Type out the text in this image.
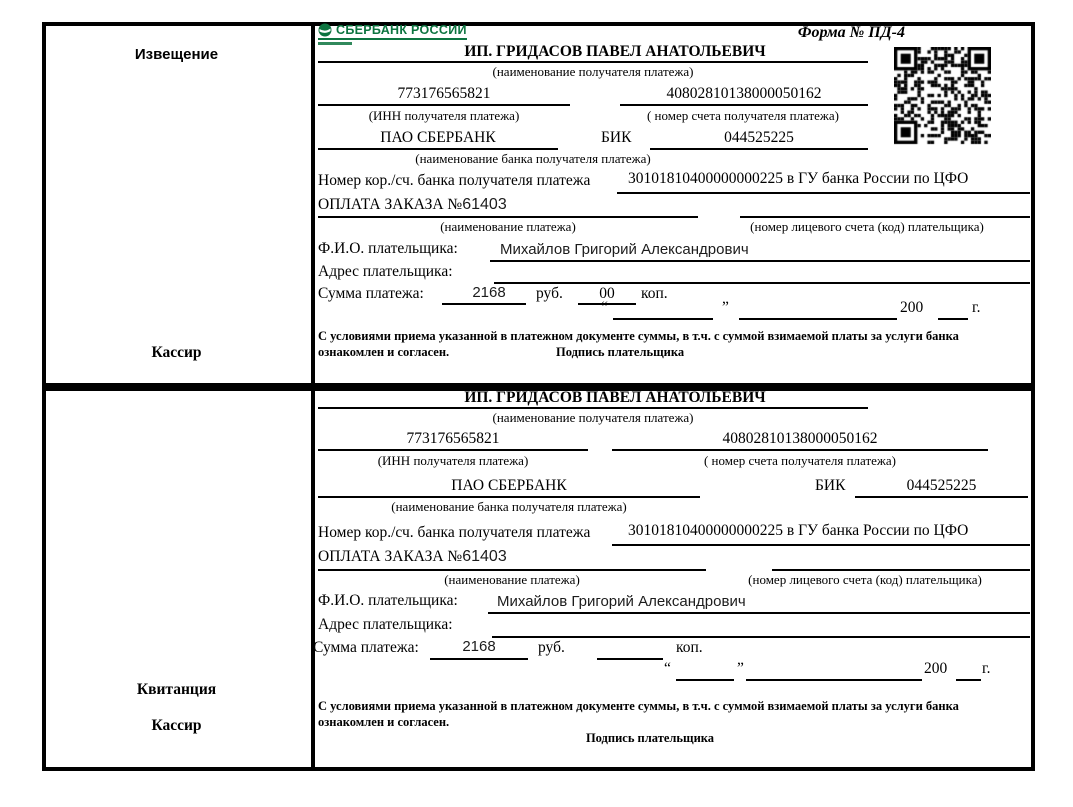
Извещение
Кассир
СБЕРБАНК РОССИИ	Форма № ПД-4
ИП. ГРИДАСОВ ПАВЕЛ АНАТОЛЬЕВИЧ
(наименование получателя платежа)
773176565821	40802810138000050162
(ИНН получателя платежа)	( номер счета получателя платежа)
ПАО СБЕРБАНК	БИК	044525225
(наименование банка получателя платежа)
Номер кор./сч. банка получателя платежа 30101810400000000225 в ГУ банка России по ЦФО
ОПЛАТА ЗАКАЗА №61403
(наименование платежа)	(номер лицевого счета (код) плательщика)
Ф.И.О. плательщика:	Михайлов Григорий Александрович
Адрес плательщика:
Сумма платежа:	2168	руб.	00	коп.
“	”	200	г.
С условиями приема указанной в платежном документе суммы, в т.ч. с суммой взимаемой платы за услуги банка
ознакомлен и согласен.	Подпись плательщика
Квитанция
Кассир
ИП. ГРИДАСОВ ПАВЕЛ АНАТОЛЬЕВИЧ
(наименование получателя платежа)
773176565821	40802810138000050162
(ИНН получателя платежа)	( номер счета получателя платежа)
ПАО СБЕРБАНК	БИК	044525225
(наименование банка получателя платежа)
Номер кор./сч. банка получателя платежа 30101810400000000225 в ГУ банка России по ЦФО
ОПЛАТА ЗАКАЗА №61403
(наименование платежа)	(номер лицевого счета (код) плательщика)
Ф.И.О. плательщика:	Михайлов Григорий Александрович
Адрес плательщика:
Сумма платежа:	2168	руб.	коп.
“	”	200 г.
С условиями приема указанной в платежном документе суммы, в т.ч. с суммой взимаемой платы за услуги банка
ознакомлен и согласен.
Подпись плательщика
